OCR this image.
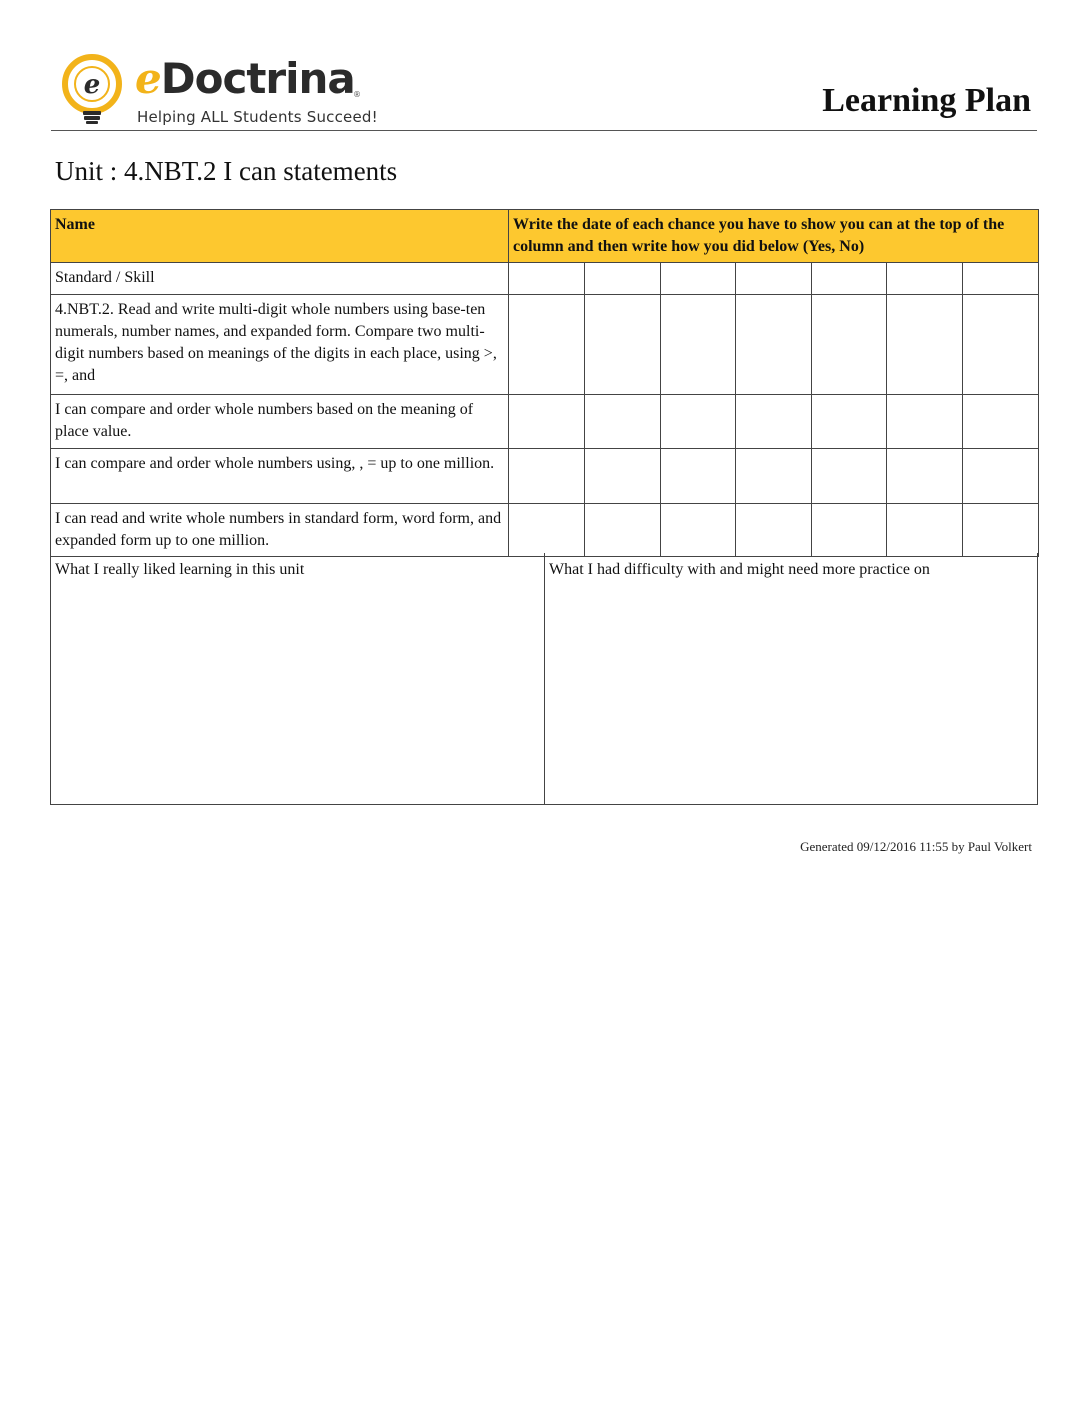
e eDoctrina
®
Helping ALL Students Succeed!	Learning Plan
Unit : 4.NBT.2 I can statements
Name	Write the date of each chance you have to show you can at the top of the column and then write how you did below (Yes, No)						
Standard / Skill							
4.NBT.2. Read and write multi-digit whole numbers using base-ten numerals, number names, and expanded form. Compare two multi-digit numbers based on meanings of the digits in each place, using >, =, and							
I can compare and order whole numbers based on the meaning of place value.							
I can compare and order whole numbers using, , = up to one million.							
I can read and write whole numbers in standard form, word form, and expanded form up to one million.							
What I really liked learning in this unit	What I had difficulty with and might need more practice on
Generated 09/12/2016 11:55 by Paul Volkert
